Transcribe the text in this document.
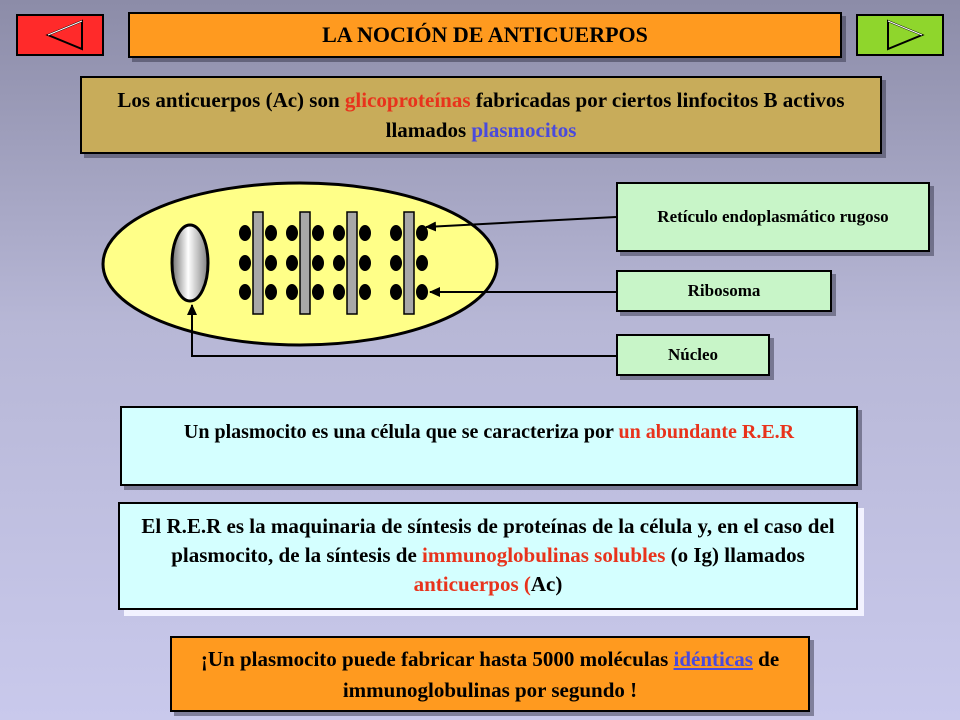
LA NOCIÓN DE ANTICUERPOS
Los anticuerpos (Ac) son glicoproteínas fabricadas por ciertos linfocitos B activos llamados plasmocitos
Retículo endoplasmático rugoso
Ribosoma
Núcleo
Un plasmocito es una célula que se caracteriza por un abundante R.E.R
El R.E.R es la maquinaria de síntesis de proteínas de la célula y, en el caso del plasmocito, de la síntesis de immunoglobulinas solubles (o Ig) llamados anticuerpos (Ac)
¡Un plasmocito puede fabricar hasta 5000 moléculas idénticas de immunoglobulinas por segundo !
